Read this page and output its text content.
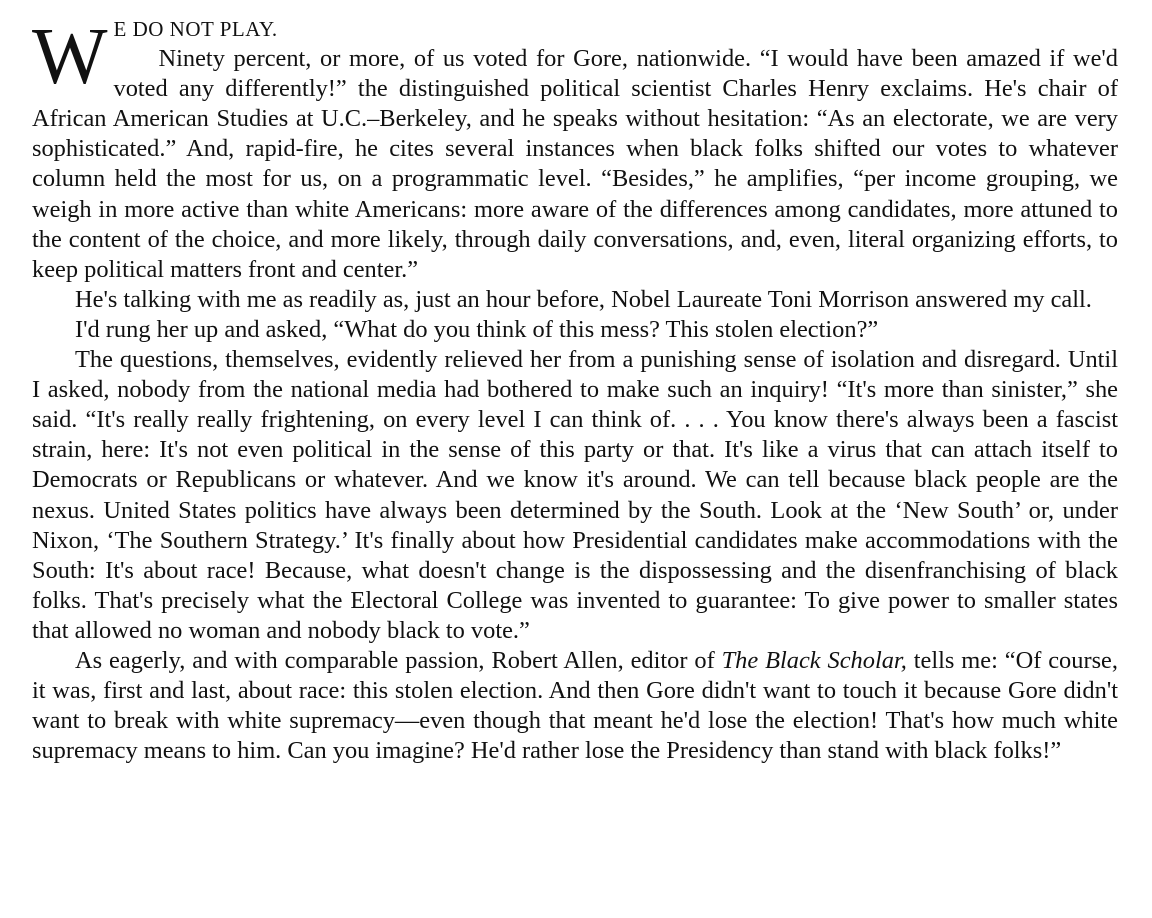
W E DO NOT PLAY.
Ninety percent, or more, of us voted for Gore, nationwide. “I would have been amazed if we'd voted any differently!” the distinguished political scientist Charles Henry exclaims. He's chair of African American Studies at U.C.–Berkeley, and he speaks without hesitation: “As an electorate, we are very sophisticated.” And, rapid-fire, he cites several instances when black folks shifted our votes to whatever column held the most for us, on a programmatic level. “Besides,” he amplifies, “per income grouping, we weigh in more active than white Americans: more aware of the differences among candidates, more attuned to the content of the choice, and more likely, through daily conversations, and, even, literal organizing efforts, to keep political matters front and center.”

He's talking with me as readily as, just an hour before, Nobel Laureate Toni Morrison answered my call.

I'd rung her up and asked, “What do you think of this mess? This stolen election?”

The questions, themselves, evidently relieved her from a punishing sense of isolation and disregard. Until I asked, nobody from the national media had bothered to make such an inquiry! “It's more than sinister,” she said. “It's really really frightening, on every level I can think of. . . . You know there's always been a fascist strain, here: It's not even political in the sense of this party or that. It's like a virus that can attach itself to Democrats or Republicans or whatever. And we know it's around. We can tell because black people are the nexus. United States politics have always been determined by the South. Look at the ‘New South’ or, under Nixon, ‘The Southern Strategy.’ It's finally about how Presidential candidates make accommodations with the South: It's about race! Because, what doesn't change is the dispossessing and the disenfranchising of black folks. That's precisely what the Electoral College was invented to guarantee: To give power to smaller states that allowed no woman and nobody black to vote.”

As eagerly, and with comparable passion, Robert Allen, editor of The Black Scholar, tells me: “Of course, it was, first and last, about race: this stolen election. And then Gore didn't want to touch it because Gore didn't want to break with white supremacy—even though that meant he'd lose the election! That's how much white supremacy means to him. Can you imagine? He'd rather lose the Presidency than stand with black folks!”
